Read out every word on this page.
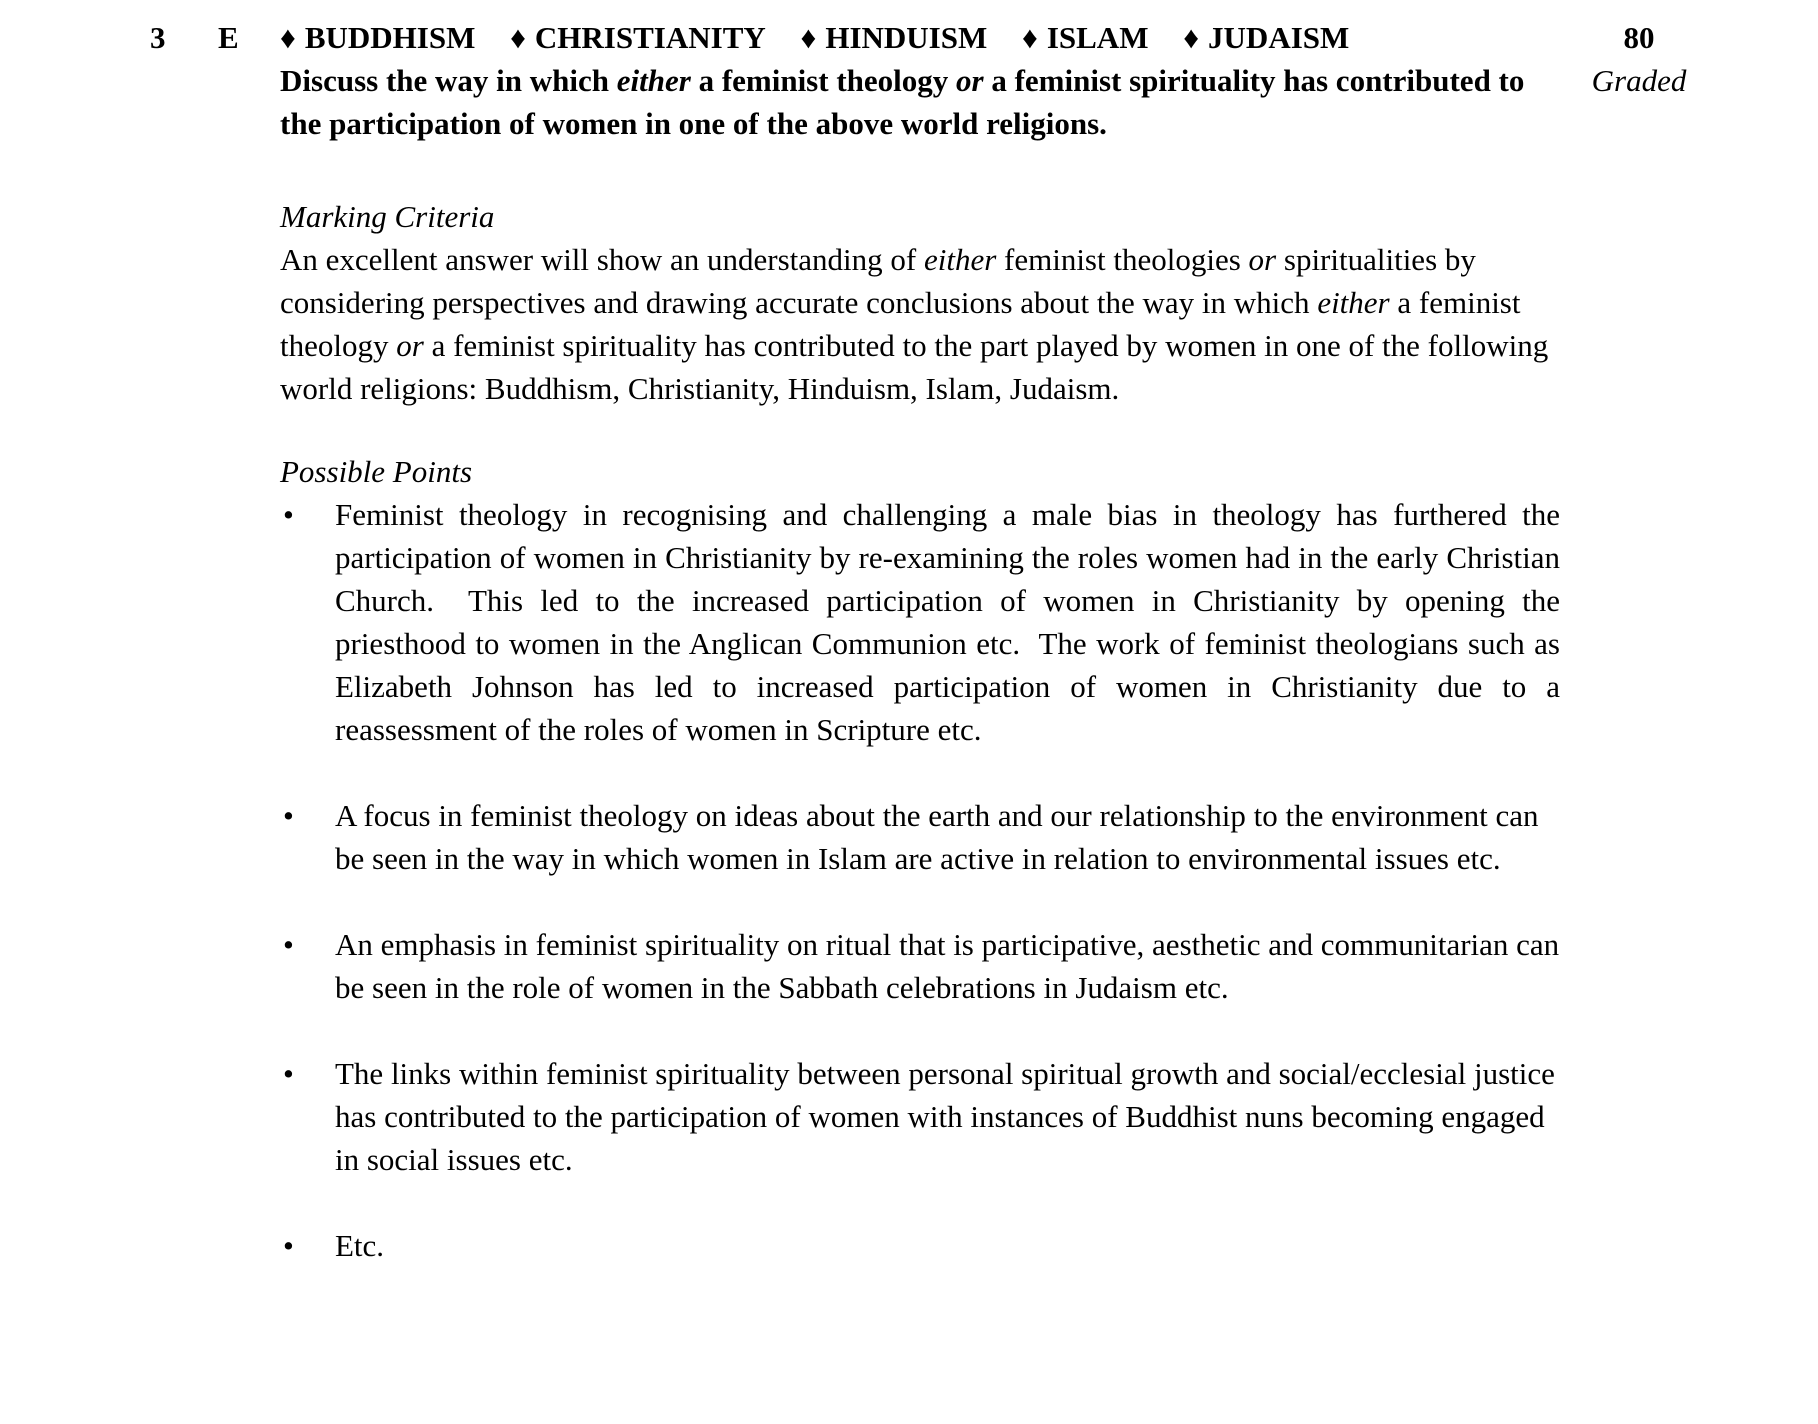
3	E	♦ BUDDHISM ♦ CHRISTIANITY ♦ HINDUISM ♦ ISLAM ♦ JUDAISM
Discuss the way in which either a feminist theology or a feminist spirituality has contributed to the participation of women in one of the above world religions.
80
Graded
Marking Criteria
An excellent answer will show an understanding of either feminist theologies or spiritualities by considering perspectives and drawing accurate conclusions about the way in which either a feminist theology or a feminist spirituality has contributed to the part played by women in one of the following world religions: Buddhism, Christianity, Hinduism, Islam, Judaism.
Possible Points
• Feminist theology in recognising and challenging a male bias in theology has furthered the participation of women in Christianity by re-examining the roles women had in the early Christian Church.  This led to the increased participation of women in Christianity by opening the priesthood to women in the Anglican Communion etc.  The work of feminist theologians such as Elizabeth Johnson has led to increased participation of women in Christianity due to a reassessment of the roles of women in Scripture etc.
• A focus in feminist theology on ideas about the earth and our relationship to the environment can be seen in the way in which women in Islam are active in relation to environmental issues etc.
• An emphasis in feminist spirituality on ritual that is participative, aesthetic and communitarian can be seen in the role of women in the Sabbath celebrations in Judaism etc.
• The links within feminist spirituality between personal spiritual growth and social/ecclesial justice has contributed to the participation of women with instances of Buddhist nuns becoming engaged in social issues etc.
• Etc.
